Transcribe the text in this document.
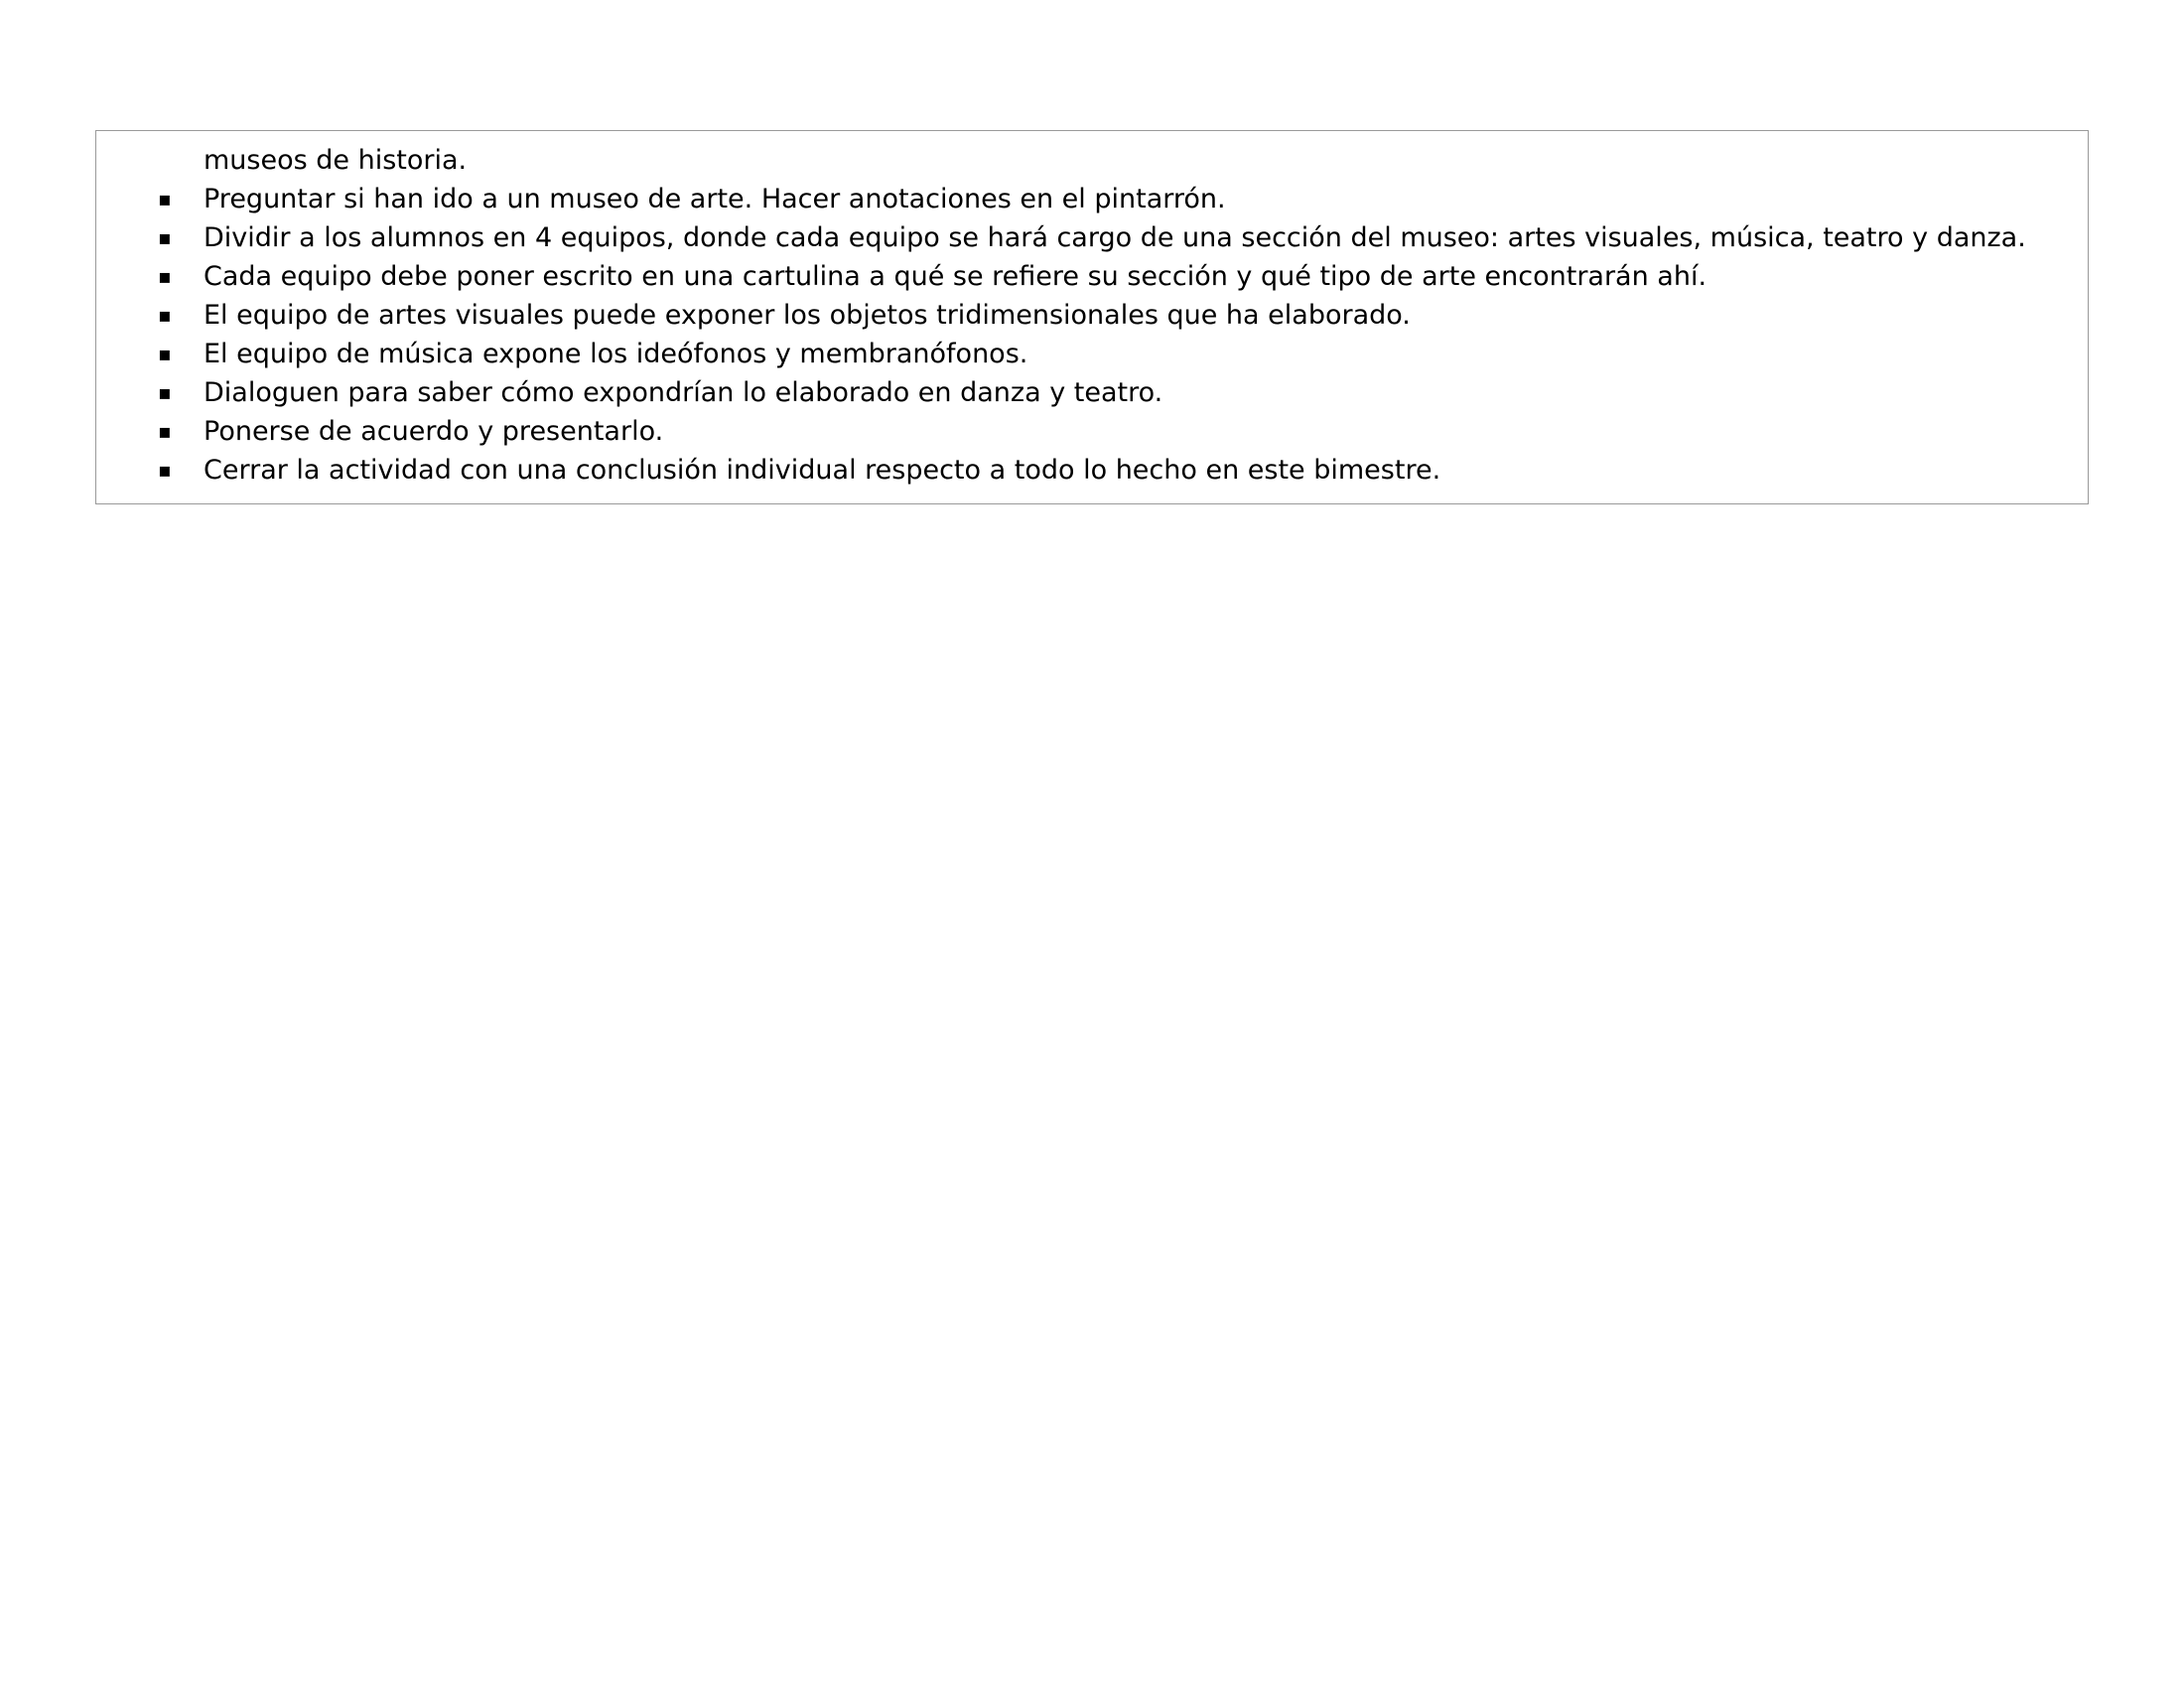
museos de historia.

▪ Preguntar si han ido a un museo de arte. Hacer anotaciones en el pintarrón.
▪ Dividir a los alumnos en 4 equipos, donde cada equipo se hará cargo de una sección del museo: artes visuales, música, teatro y danza.
▪ Cada equipo debe poner escrito en una cartulina a qué se refiere su sección y qué tipo de arte encontrarán ahí.
▪ El equipo de artes visuales puede exponer los objetos tridimensionales que ha elaborado.
▪ El equipo de música expone los ideófonos y membranófonos.
▪ Dialoguen para saber cómo expondrían lo elaborado en danza y teatro.
▪ Ponerse de acuerdo y presentarlo.
▪ Cerrar la actividad con una conclusión individual respecto a todo lo hecho en este bimestre.
